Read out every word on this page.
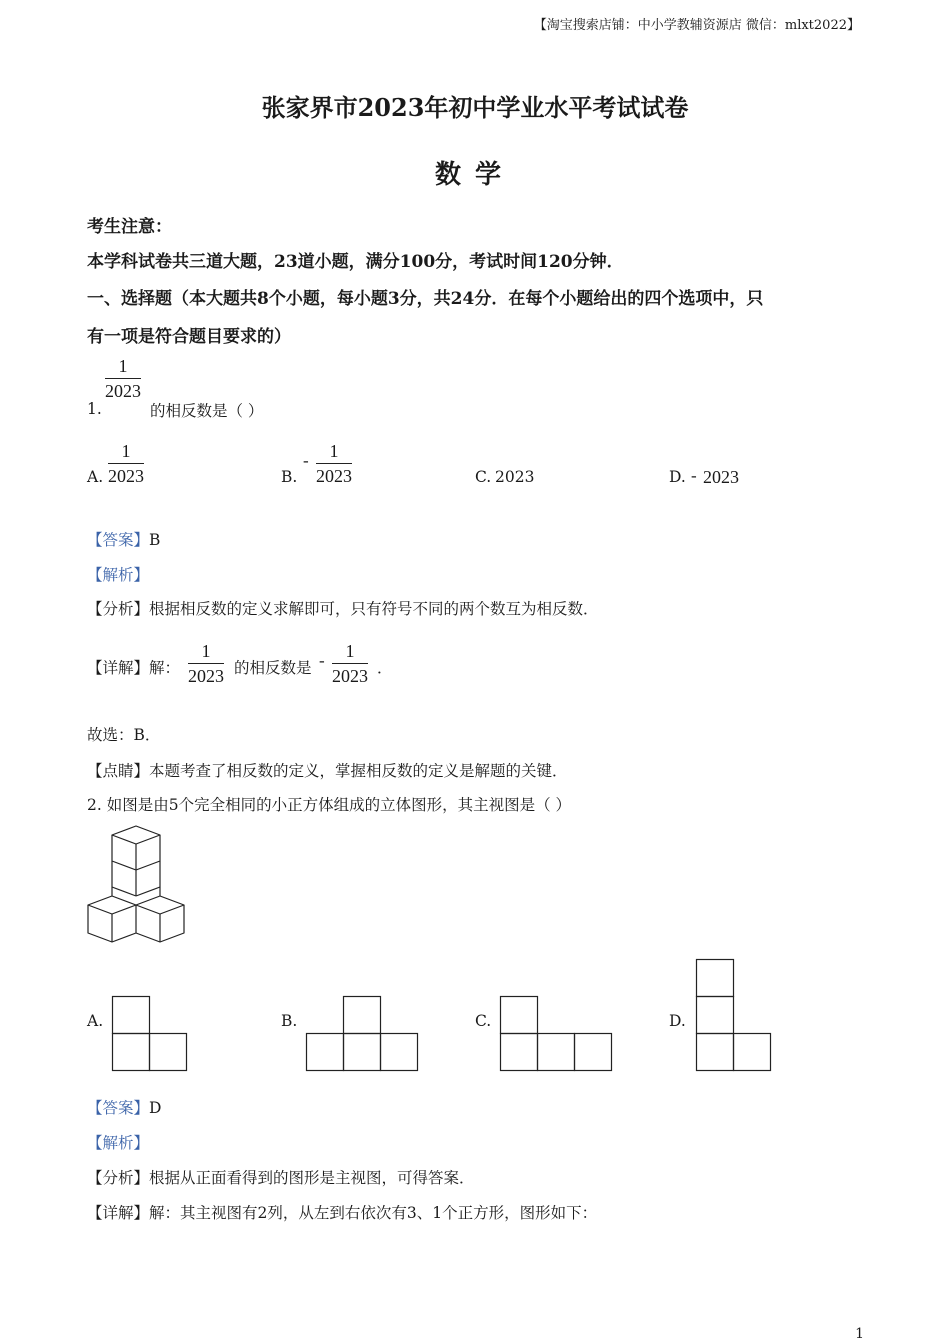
【淘宝搜索店铺：中小学教辅资源店 微信：mlxt2022】
张家界市2023年初中学业水平考试试卷
数学
考生注意：
本学科试卷共三道大题，23道小题，满分100分，考试时间120分钟．
一、选择题（本大题共8个小题，每小题3分，共24分．在每个小题给出的四个选项中，只
有一项是符合题目要求的）
1.
$\frac{1}{2023}$
的相反数是（ ）
A. $\frac{1}{2023}$	B.
- $\frac{1}{2023}$	C. 2023	D. - 2023
【答案】B
【解析】
【分析】根据相反数的定义求解即可，只有符号不同的两个数互为相反数．
【详解】解： $\frac{1}{2023}$ 的相反数是 - $\frac{1}{2023}$ ．
故选：B．
【点睛】本题考查了相反数的定义，掌握相反数的定义是解题的关键．
2. 如图是由5个完全相同的小正方体组成的立体图形，其主视图是（ ）
A.	B.	C.	D.
【答案】D
【解析】
【分析】根据从正面看得到的图形是主视图，可得答案．
【详解】解：其主视图有2列，从左到右依次有3、1个正方形，图形如下：
1
